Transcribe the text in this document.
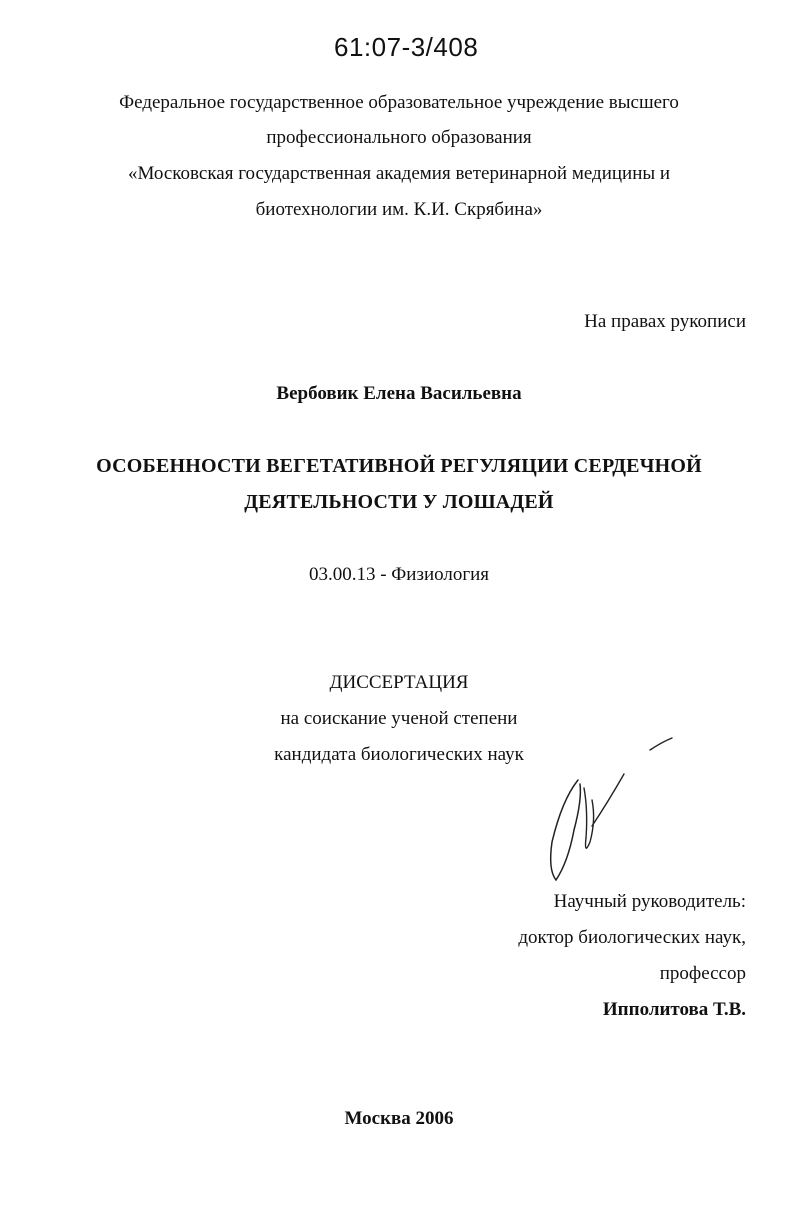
61:07-3/408
Федеральное государственное образовательное учреждение высшего
профессионального образования
«Московская государственная академия ветеринарной медицины и
биотехнологии им. К.И. Скрябина»
На правах рукописи
Вербовик Елена Васильевна
ОСОБЕННОСТИ ВЕГЕТАТИВНОЙ РЕГУЛЯЦИИ СЕРДЕЧНОЙ
ДЕЯТЕЛЬНОСТИ У ЛОШАДЕЙ
03.00.13 - Физиология
ДИССЕРТАЦИЯ
на соискание ученой степени
кандидата биологических наук
Научный руководитель:
доктор биологических наук,
профессор
Ипполитова Т.В.
Москва 2006
